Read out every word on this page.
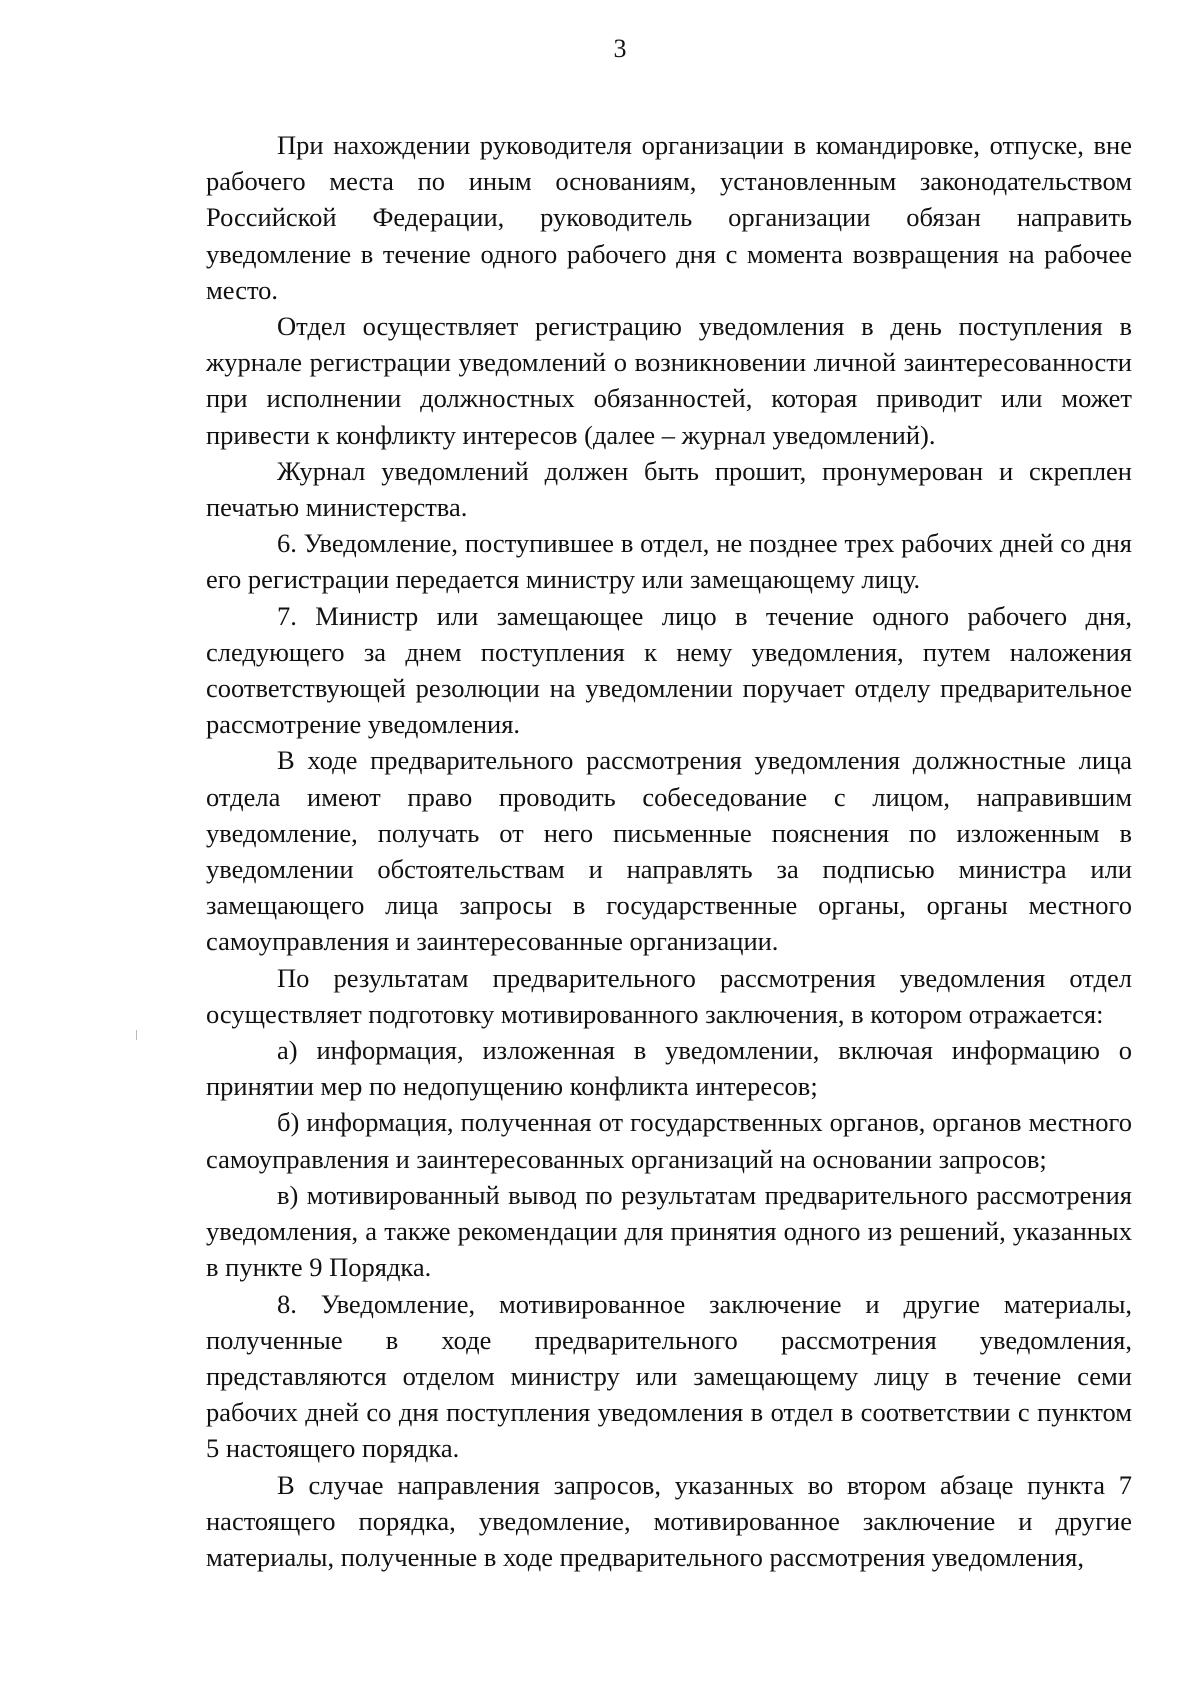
3

При нахождении руководителя организации в командировке, отпуске, вне рабочего места по иным основаниям, установленным законодательством Российской Федерации, руководитель организации обязан направить уведомление в течение одного рабочего дня с момента возвращения на рабочее место.

Отдел осуществляет регистрацию уведомления в день поступления в журнале регистрации уведомлений о возникновении личной заинтересованности при исполнении должностных обязанностей, которая приводит или может привести к конфликту интересов (далее – журнал уведомлений).

Журнал уведомлений должен быть прошит, пронумерован и скреплен печатью министерства.

6. Уведомление, поступившее в отдел, не позднее трех рабочих дней со дня его регистрации передается министру или замещающему лицу.

7. Министр или замещающее лицо в течение одного рабочего дня, следующего за днем поступления к нему уведомления, путем наложения соответствующей резолюции на уведомлении поручает отделу предварительное рассмотрение уведомления.

В ходе предварительного рассмотрения уведомления должностные лица отдела имеют право проводить собеседование с лицом, направившим уведомление, получать от него письменные пояснения по изложенным в уведомлении обстоятельствам и направлять за подписью министра или замещающего лица запросы в государственные органы, органы местного самоуправления и заинтересованные организации.

По результатам предварительного рассмотрения уведомления отдел осуществляет подготовку мотивированного заключения, в котором отражается:

а) информация, изложенная в уведомлении, включая информацию о принятии мер по недопущению конфликта интересов;

б) информация, полученная от государственных органов, органов местного самоуправления и заинтересованных организаций на основании запросов;

в) мотивированный вывод по результатам предварительного рассмотрения уведомления, а также рекомендации для принятия одного из решений, указанных в пункте 9 Порядка.

8. Уведомление, мотивированное заключение и другие материалы, полученные в ходе предварительного рассмотрения уведомления, представляются отделом министру или замещающему лицу в течение семи рабочих дней со дня поступления уведомления в отдел в соответствии с пунктом 5 настоящего порядка.

В случае направления запросов, указанных во втором абзаце пункта 7 настоящего порядка, уведомление, мотивированное заключение и другие материалы, полученные в ходе предварительного рассмотрения уведомления,
